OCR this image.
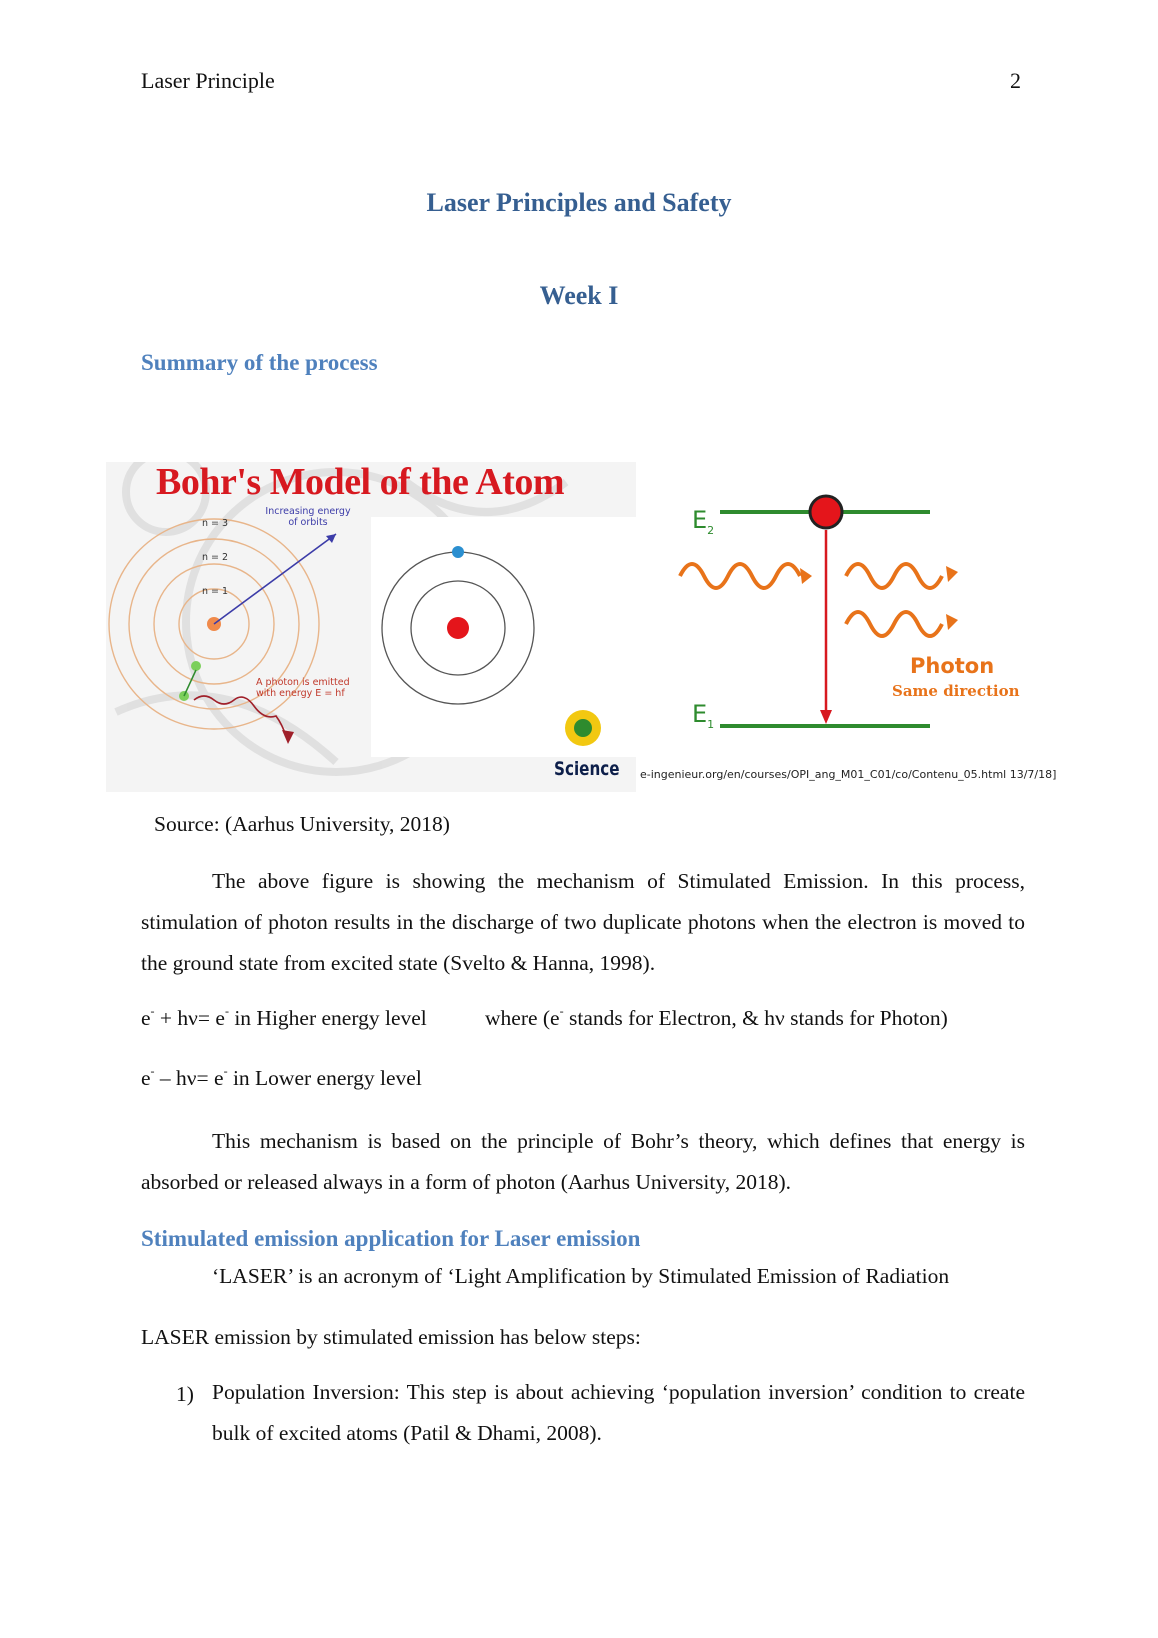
Laser Principle	2
Laser Principles and Safety
Week I
Summary of the process
Bohr's Model of the Atom
Increasing energy
of orbits
n = 3
n = 2
n = 1
A photon is emitted
with energy E = hf
Science
$E_2$
$E_1$
Photon
Same direction
e-ingenieur.org/en/courses/OPI_ang_M01_C01/co/Contenu_05.html 13/7/18]
Source: (Aarhus University, 2018)
The above figure is showing the mechanism of Stimulated Emission. In this process, stimulation of photon results in the discharge of two duplicate photons when the electron is moved to the ground state from excited state (Svelto & Hanna, 1998).
e- + hν= e- in Higher energy level	where (e- stands for Electron, & hν stands for Photon)
e- – hν= e- in Lower energy level
This mechanism is based on the principle of Bohr’s theory, which defines that energy is absorbed or released always in a form of photon (Aarhus University, 2018).
Stimulated emission application for Laser emission
‘LASER’ is an acronym of ‘Light Amplification by Stimulated Emission of Radiation
LASER emission by stimulated emission has below steps:
1) Population Inversion: This step is about achieving ‘population inversion’ condition to create bulk of excited atoms (Patil & Dhami, 2008).
